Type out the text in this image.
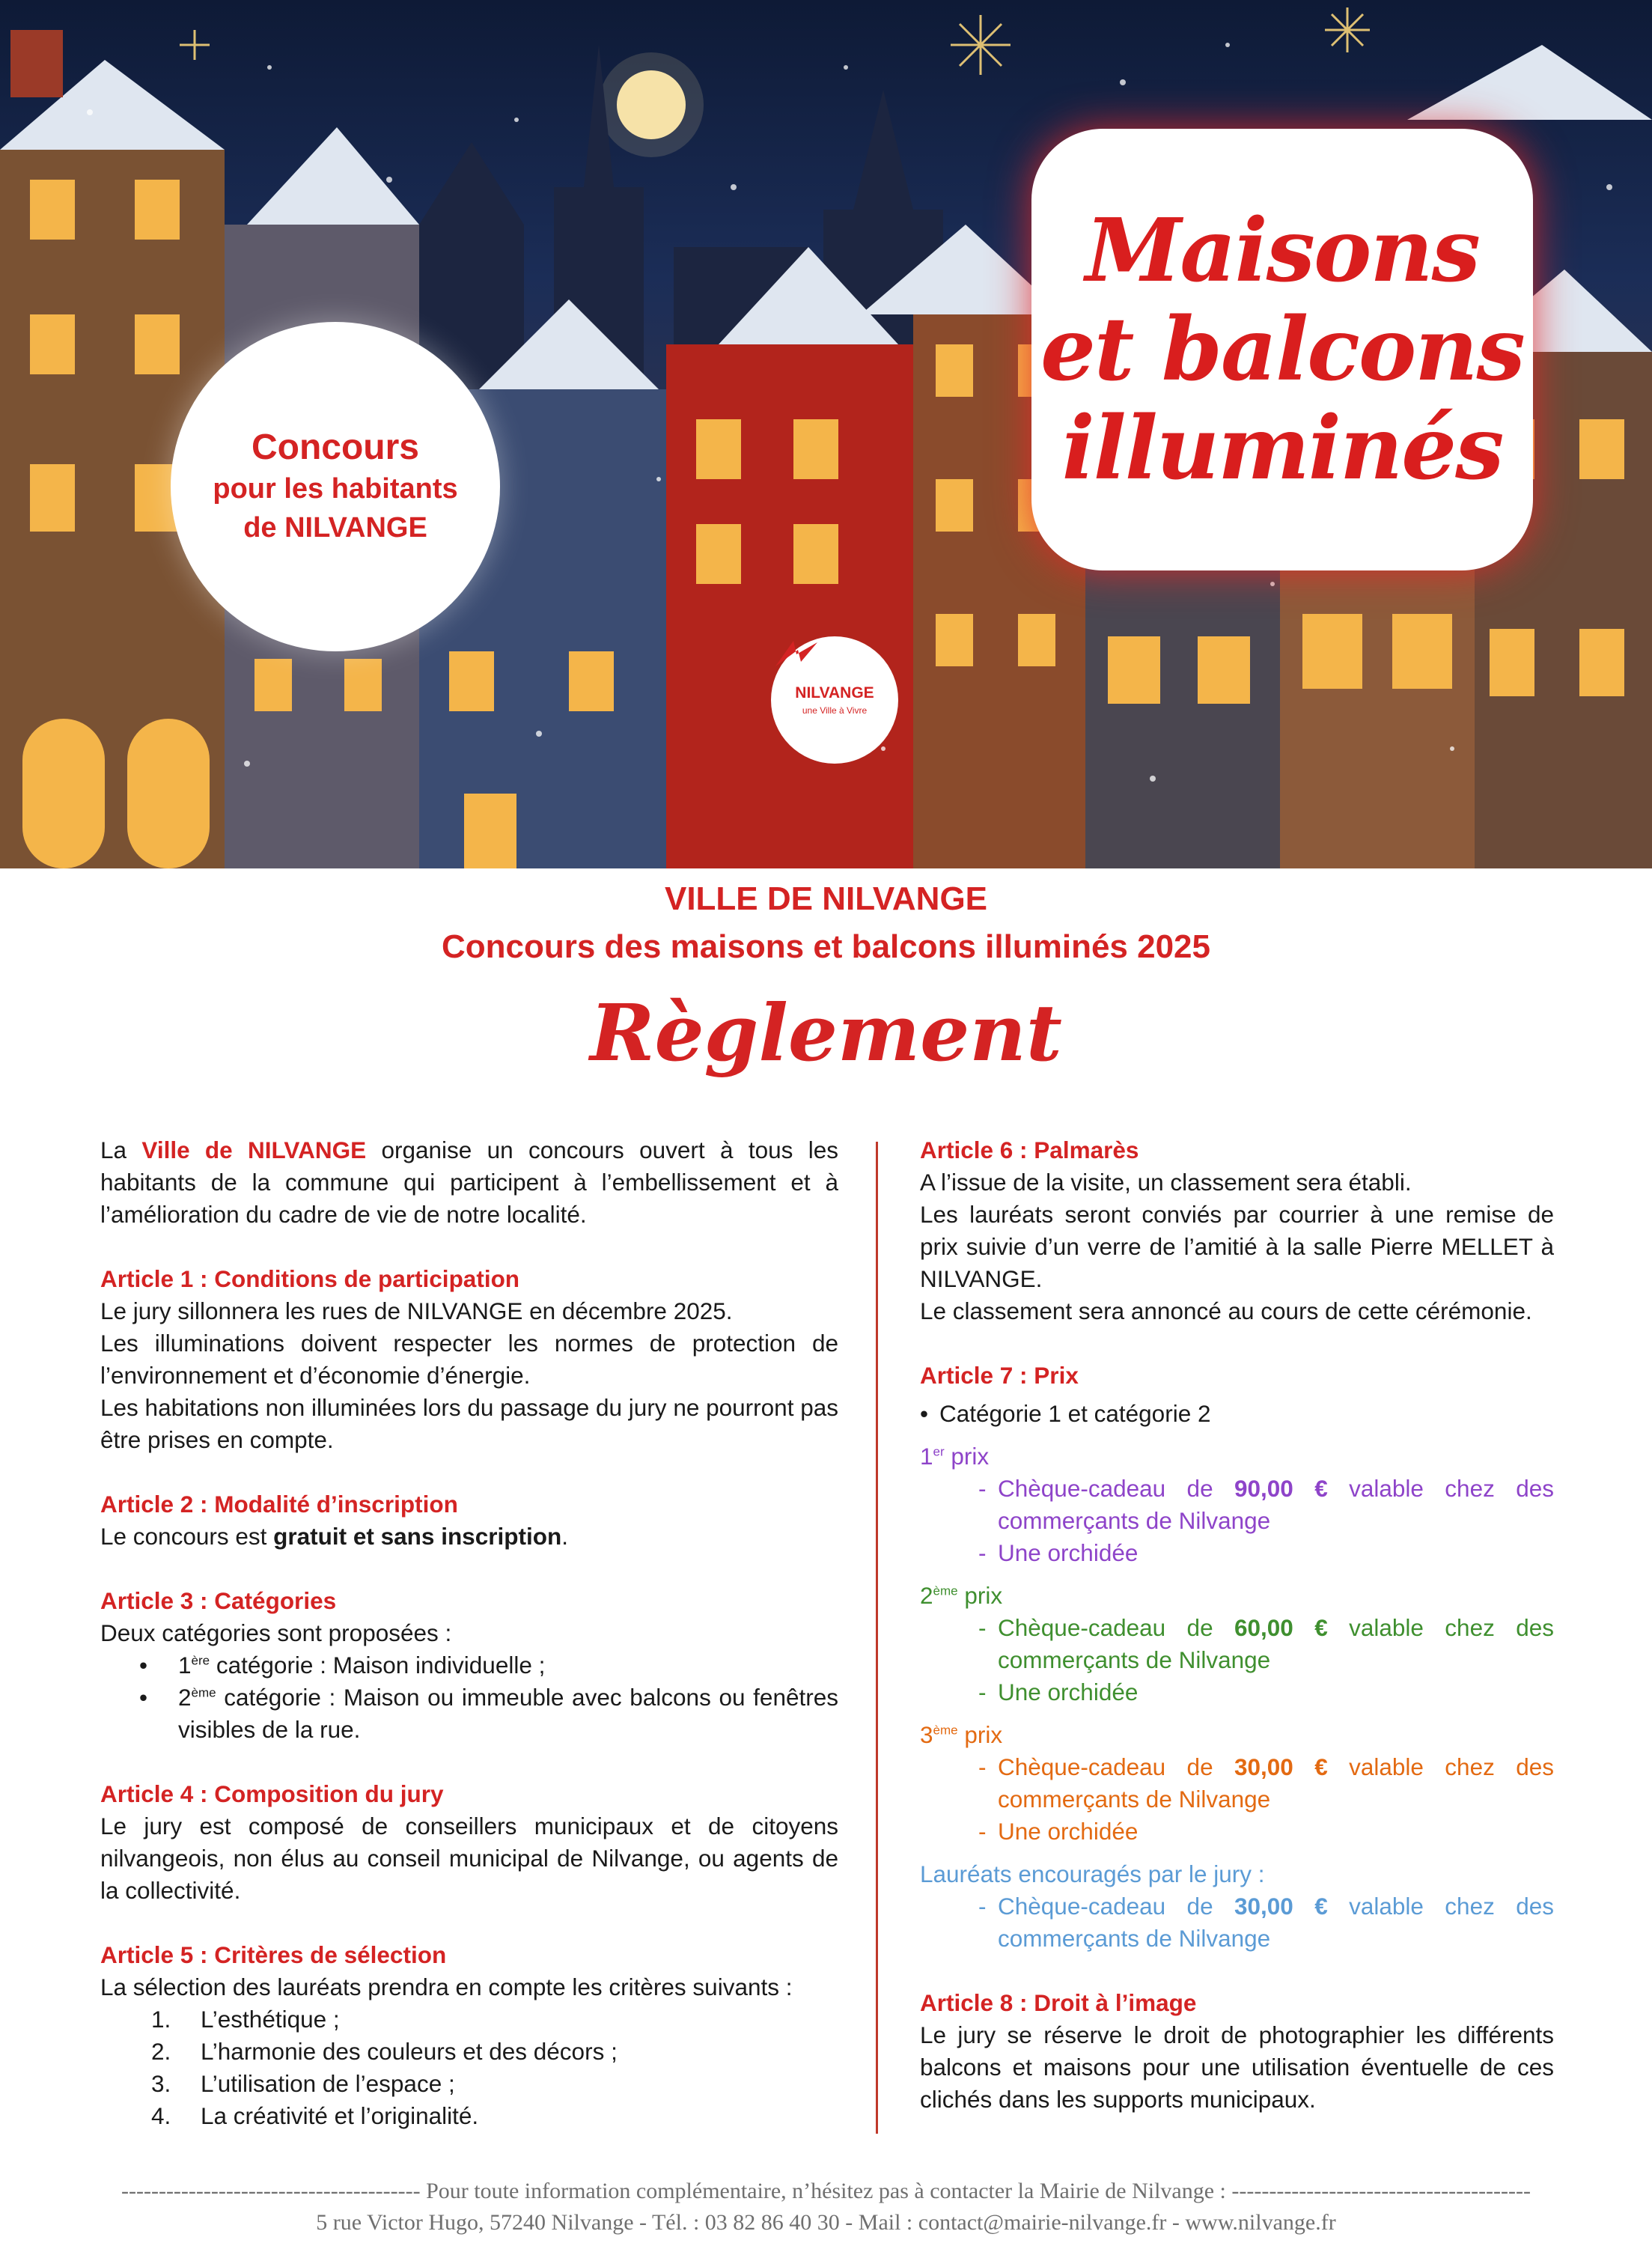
Concours
pour les habitants
de NILVANGE
Maisons
et balcons
illuminés
NILVANGE
une Ville à Vivre
VILLE DE NILVANGE
Concours des maisons et balcons illuminés 2025
Règlement

La Ville de NILVANGE organise un concours ouvert à tous les habitants de la commune qui participent à l’embellissement et à l’amélioration du cadre de vie de notre localité.

Article 1 : Conditions de participation

Le jury sillonnera les rues de NILVANGE en décembre 2025.

Les illuminations doivent respecter les normes de protection de l’environnement et d’économie d’énergie.

Les habitations non illuminées lors du passage du jury ne pourront pas être prises en compte.

Article 2 : Modalité d’inscription

Le concours est gratuit et sans inscription.

Article 3 : Catégories

Deux catégories sont proposées :

• 1ère catégorie : Maison individuelle ;
• 2ème catégorie : Maison ou immeuble avec balcons ou fenêtres visibles de la rue.

Article 4 : Composition du jury

Le jury est composé de conseillers municipaux et de citoyens nilvangeois, non élus au conseil municipal de Nilvange, ou agents de la collectivité.

Article 5 : Critères de sélection

La sélection des lauréats prendra en compte les critères suivants :

1. L’esthétique ;
2. L’harmonie des couleurs et des décors ;
3. L’utilisation de l’espace ;
4. La créativité et l’originalité.

Article 6 : Palmarès

A l’issue de la visite, un classement sera établi.

Les lauréats seront conviés par courrier à une remise de prix suivie d’un verre de l’amitié à la salle Pierre MELLET à NILVANGE.

Le classement sera annoncé au cours de cette cérémonie.

Article 7 : Prix

• Catégorie 1 et catégorie 2

1er prix

- Chèque-cadeau de 90,00 € valable chez des commerçants de Nilvange

- Une orchidée

2ème prix

- Chèque-cadeau de 60,00 € valable chez des commerçants de Nilvange

- Une orchidée

3ème prix

- Chèque-cadeau de 30,00 € valable chez des commerçants de Nilvange

- Une orchidée

Lauréats encouragés par le jury :

- Chèque-cadeau de 30,00 € valable chez des commerçants de Nilvange

Article 8 : Droit à l’image

Le jury se réserve le droit de photographier les différents balcons et maisons pour une utilisation éventuelle de ces clichés dans les supports municipaux.

---------------------------------------- Pour toute information complémentaire, n’hésitez pas à contacter la Mairie de Nilvange : ----------------------------------------
5 rue Victor Hugo, 57240 Nilvange - Tél. : 03 82 86 40 30 - Mail : contact@mairie-nilvange.fr - www.nilvange.fr
